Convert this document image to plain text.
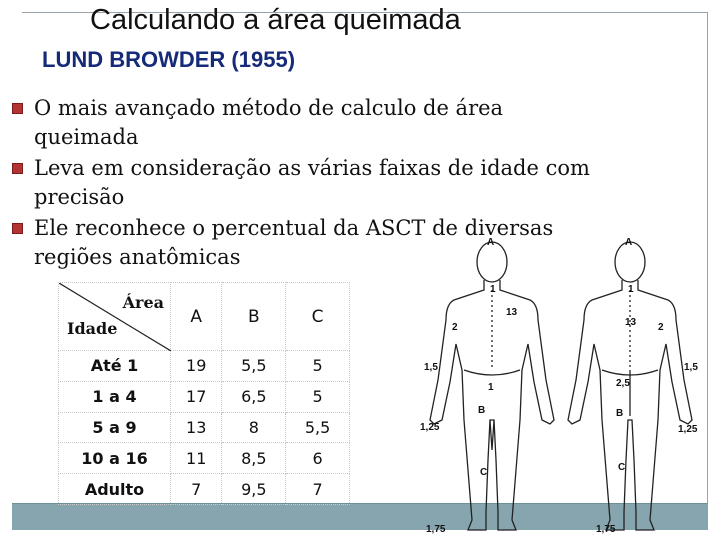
Calculando a área queimada
LUND BROWDER (1955)
O mais avançado método de calculo de área queimada
Leva em consideração as várias faixas de idade com precisão
Ele reconhece o percentual da ASCT de diversas regiões anatômicas
Área
Idade	A	B	C
Até 1	19	5,5	5
1 a 4	17	6,5	5
5 a 9	13	8	5,5
10 a 16	11	8,5	6
Adulto	7	9,5	7
A
13
1
2
1,5
1,25
1
B
C
1,75
A
1
13 2
2,5
1,5
1,25
B
C
1,75
